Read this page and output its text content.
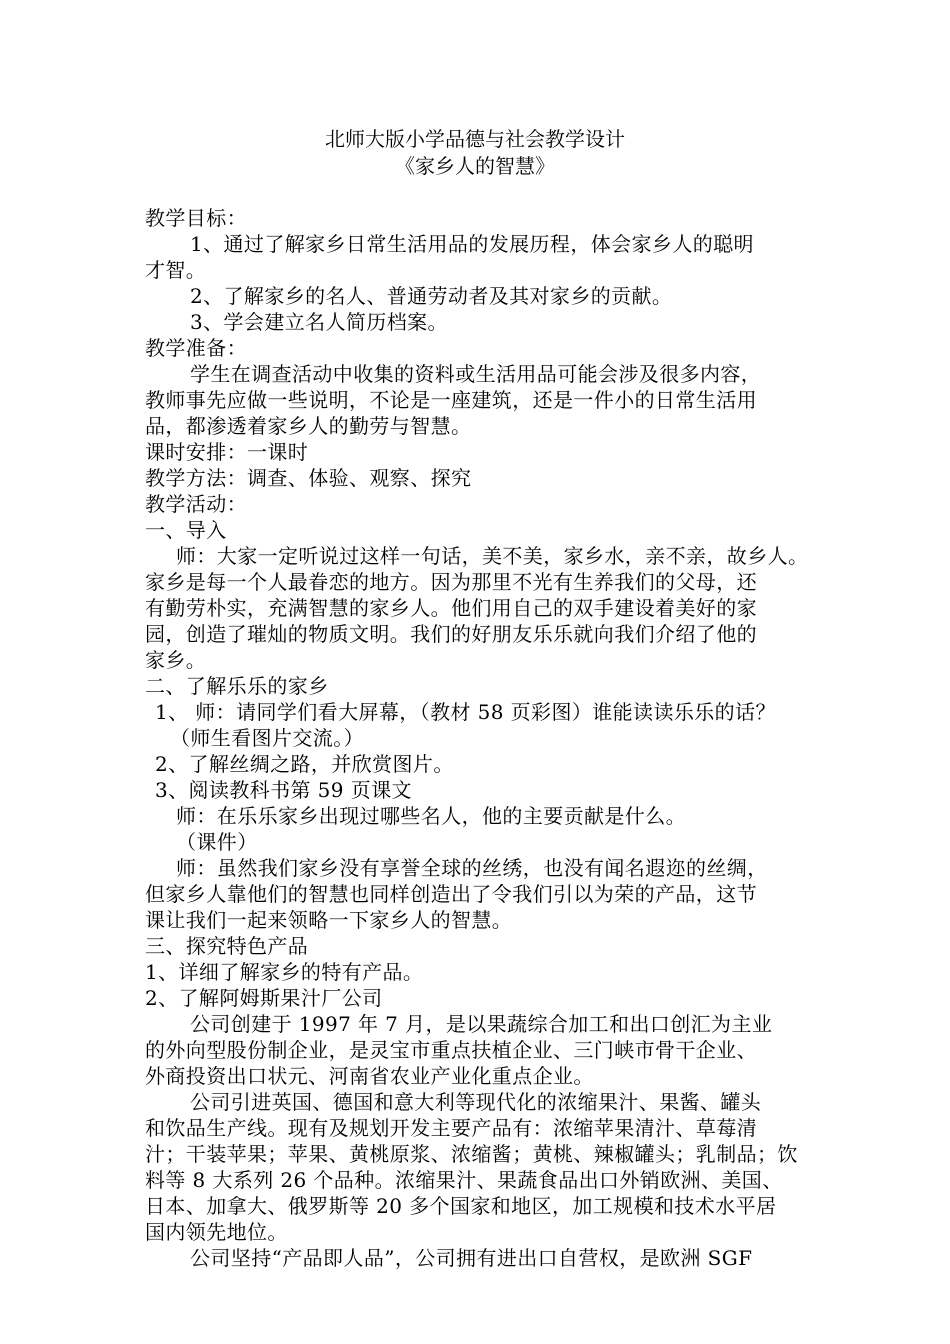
北师大版小学品德与社会教学设计
《家乡人的智慧》
教学目标：
1、通过了解家乡日常生活用品的发展历程，体会家乡人的聪明
才智。
2、了解家乡的名人、普通劳动者及其对家乡的贡献。
3、学会建立名人简历档案。
教学准备：
学生在调查活动中收集的资料或生活用品可能会涉及很多内容，
教师事先应做一些说明，不论是一座建筑，还是一件小的日常生活用
品，都渗透着家乡人的勤劳与智慧。
课时安排：一课时
教学方法：调查、体验、观察、探究
教学活动：
一、导入
师：大家一定听说过这样一句话，美不美，家乡水，亲不亲，故乡人。
家乡是每一个人最眷恋的地方。因为那里不光有生养我们的父母，还
有勤劳朴实，充满智慧的家乡人。他们用自己的双手建设着美好的家
园，创造了璀灿的物质文明。我们的好朋友乐乐就向我们介绍了他的
家乡。
二、了解乐乐的家乡
1、 师：请同学们看大屏幕，（教材 58 页彩图）谁能读读乐乐的话？
（师生看图片交流。）
2、了解丝绸之路，并欣赏图片。
3、阅读教科书第 59 页课文
师：在乐乐家乡出现过哪些名人，他的主要贡献是什么。
（课件）
师：虽然我们家乡没有享誉全球的丝绣，也没有闻名遐迩的丝绸，
但家乡人靠他们的智慧也同样创造出了令我们引以为荣的产品，这节
课让我们一起来领略一下家乡人的智慧。
三、探究特色产品
1、详细了解家乡的特有产品。
2、了解阿姆斯果汁厂公司
公司创建于 1997 年 7 月，是以果蔬综合加工和出口创汇为主业
的外向型股份制企业，是灵宝市重点扶植企业、三门峡市骨干企业、
外商投资出口状元、河南省农业产业化重点企业。
公司引进英国、德国和意大利等现代化的浓缩果汁、果酱、罐头
和饮品生产线。现有及规划开发主要产品有：浓缩苹果清汁、草莓清
汁；干装苹果；苹果、黄桃原浆、浓缩酱；黄桃、辣椒罐头；乳制品；饮
料等 8 大系列 26 个品种。浓缩果汁、果蔬食品出口外销欧洲、美国、
日本、加拿大、俄罗斯等 20 多个国家和地区，加工规模和技术水平居
国内领先地位。
公司坚持“产品即人品”，公司拥有进出口自营权，是欧洲 SGF
